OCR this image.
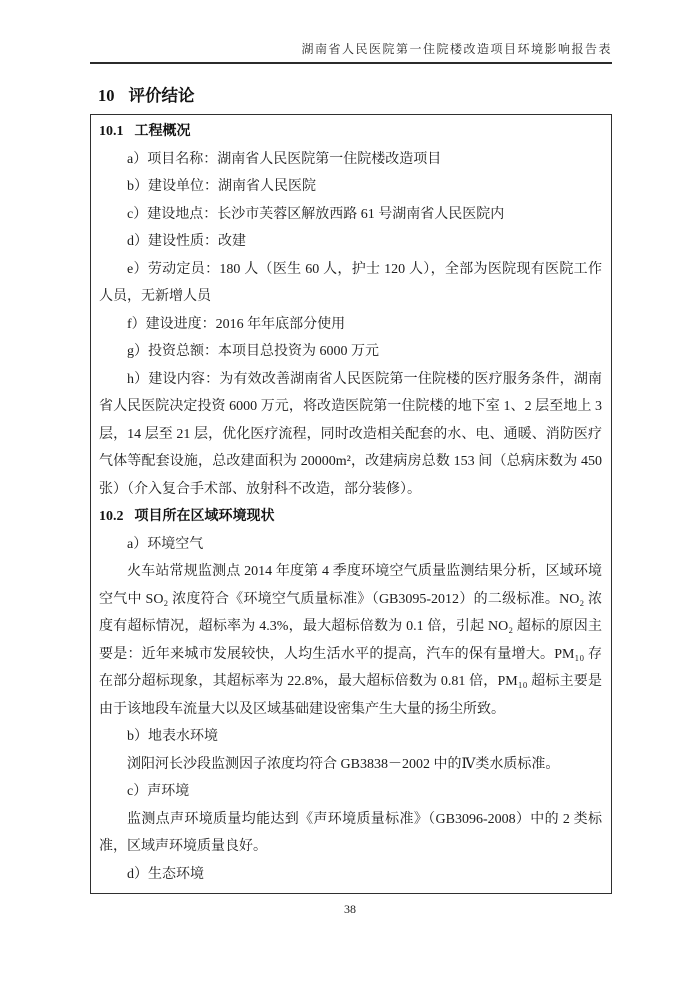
湖南省人民医院第一住院楼改造项目环境影响报告表
10 评价结论

10.1 工程概况

a）项目名称：湖南省人民医院第一住院楼改造项目

b）建设单位：湖南省人民医院

c）建设地点：长沙市芙蓉区解放西路 61 号湖南省人民医院内

d）建设性质：改建

e）劳动定员：180 人（医生 60 人，护士 120 人），全部为医院现有医院工作人员，无新增人员

f）建设进度：2016 年年底部分使用

g）投资总额：本项目总投资为 6000 万元

h）建设内容：为有效改善湖南省人民医院第一住院楼的医疗服务条件，湖南省人民医院决定投资 6000 万元，将改造医院第一住院楼的地下室 1、2 层至地上 3 层，14 层至 21 层，优化医疗流程，同时改造相关配套的水、电、通暖、消防医疗气体等配套设施，总改建面积为 20000m²，改建病房总数 153 间（总病床数为 450 张）（介入复合手术部、放射科不改造，部分装修）。

10.2 项目所在区域环境现状

a）环境空气

火车站常规监测点 2014 年度第 4 季度环境空气质量监测结果分析，区域环境空气中 SO₂ 浓度符合《环境空气质量标准》（GB3095-2012）的二级标准。NO₂ 浓度有超标情况，超标率为 4.3%，最大超标倍数为 0.1 倍，引起 NO₂ 超标的原因主要是：近年来城市发展较快，人均生活水平的提高，汽车的保有量增大。PM₁₀ 存在部分超标现象，其超标率为 22.8%，最大超标倍数为 0.81 倍，PM₁₀ 超标主要是由于该地段车流量大以及区域基础建设密集产生大量的扬尘所致。

b）地表水环境

浏阳河长沙段监测因子浓度均符合 GB3838－2002 中的Ⅳ类水质标准。

c）声环境

监测点声环境质量均能达到《声环境质量标准》（GB3096-2008）中的 2 类标准，区域声环境质量良好。

d）生态环境

38
